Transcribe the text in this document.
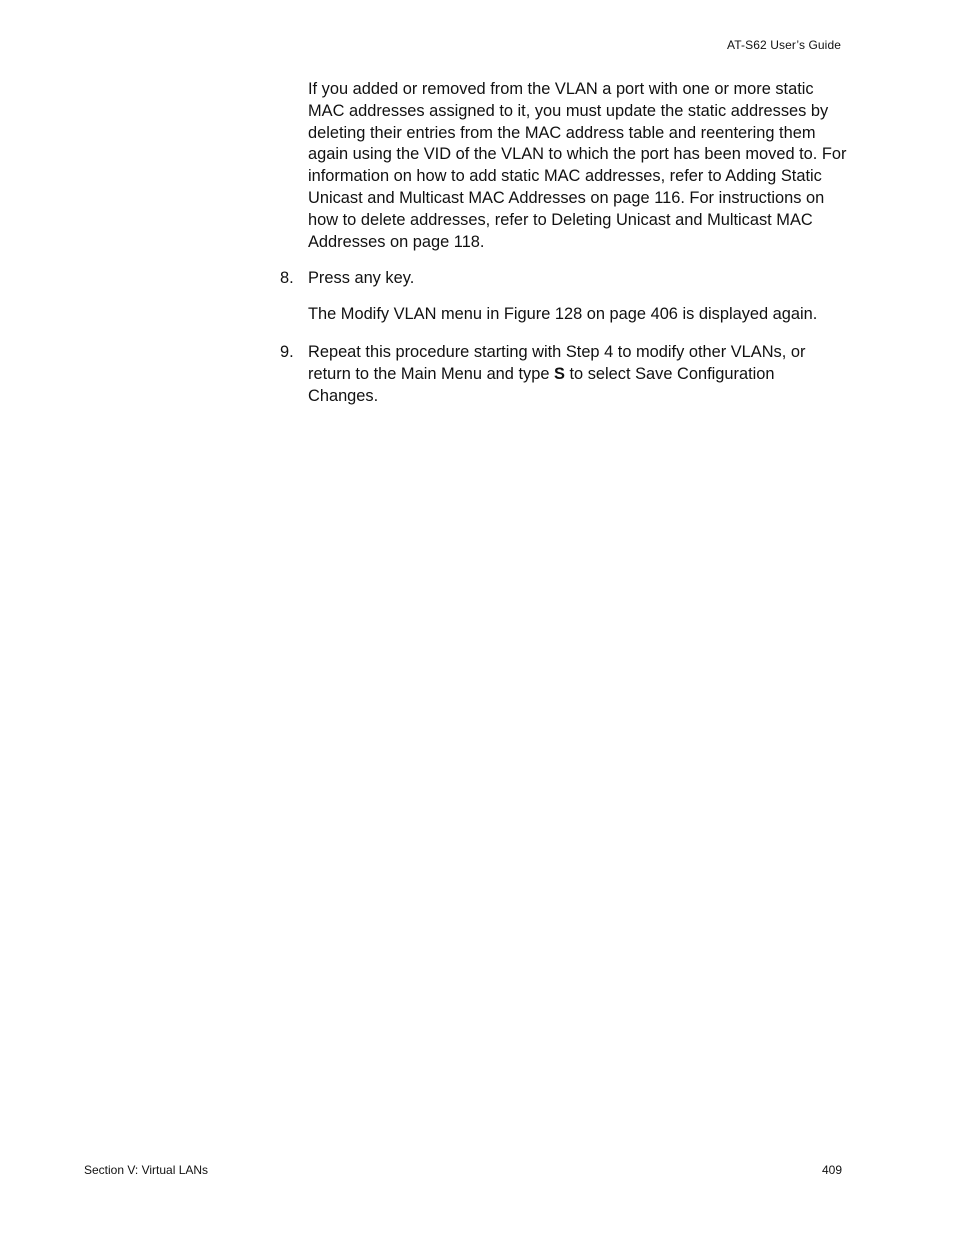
AT-S62 User’s Guide

If you added or removed from the VLAN a port with one or more static MAC addresses assigned to it, you must update the static addresses by deleting their entries from the MAC address table and reentering them again using the VID of the VLAN to which the port has been moved to. For information on how to add static MAC addresses, refer to Adding Static Unicast and Multicast MAC Addresses on page 116. For instructions on how to delete addresses, refer to Deleting Unicast and Multicast MAC Addresses on page 118.

8. Press any key.

The Modify VLAN menu in Figure 128 on page 406 is displayed again.

9. Repeat this procedure starting with Step 4 to modify other VLANs, or return to the Main Menu and type S to select Save Configuration Changes.

Section V: Virtual LANs	409
